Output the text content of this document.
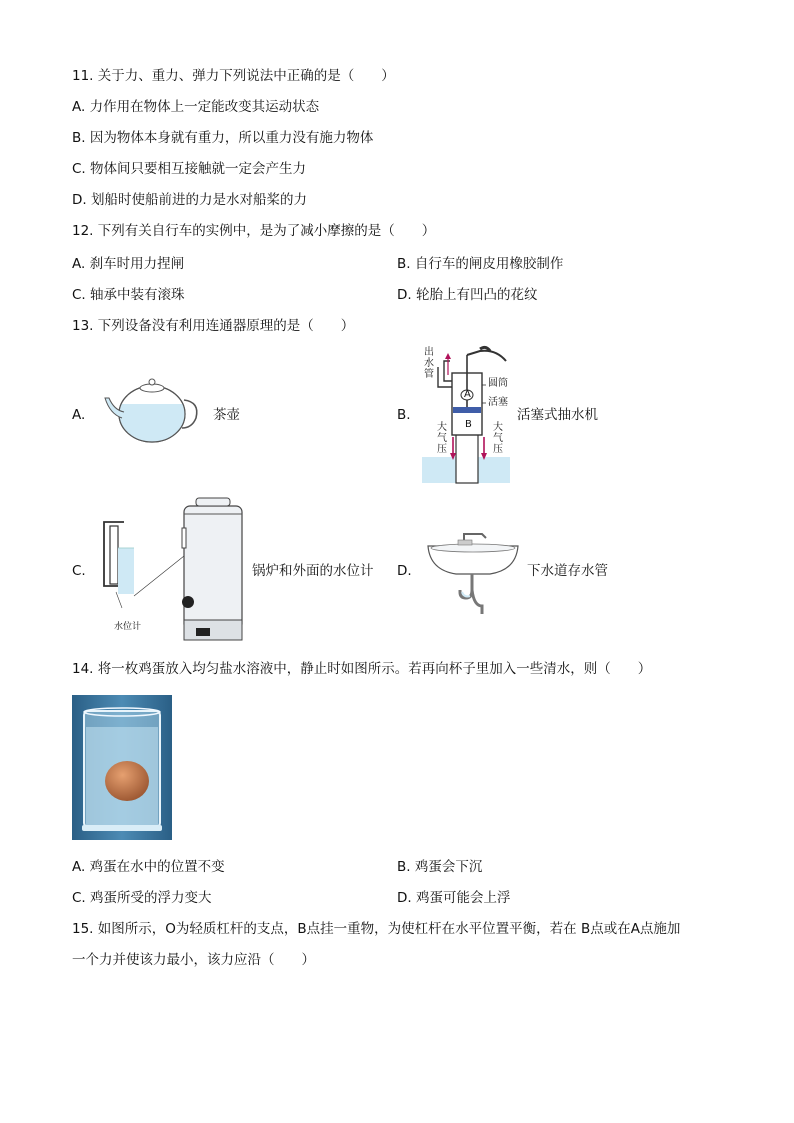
11. 关于力、重力、弹力下列说法中正确的是（　　）
A. 力作用在物体上一定能改变其运动状态
B. 因为物体本身就有重力，所以重力没有施力物体
C. 物体间只要相互接触就一定会产生力
D. 划船时使船前进的力是水对船桨的力
12. 下列有关自行车的实例中，是为了减小摩擦的是（　　）
A. 刹车时用力捏闸	B. 自行车的闸皮用橡胶制作
C. 轴承中装有滚珠	D. 轮胎上有凹凸的花纹
13. 下列设备没有利用连通器原理的是（　　）
A.	茶壶	B.
出
水
管
圆筒
活塞
A
B
大
气
压
大
气
压
活塞式抽水机
C.
水位计
锅炉和外面的水位计 D.	下水道存水管
14. 将一枚鸡蛋放入均匀盐水溶液中，静止时如图所示。若再向杯子里加入一些清水，则（　　）
A. 鸡蛋在水中的位置不变	B. 鸡蛋会下沉
C. 鸡蛋所受的浮力变大	D. 鸡蛋可能会上浮
15. 如图所示，O为轻质杠杆的支点，B点挂一重物，为使杠杆在水平位置平衡，若在 B点或在A点施加
一个力并使该力最小，该力应沿（　　）
